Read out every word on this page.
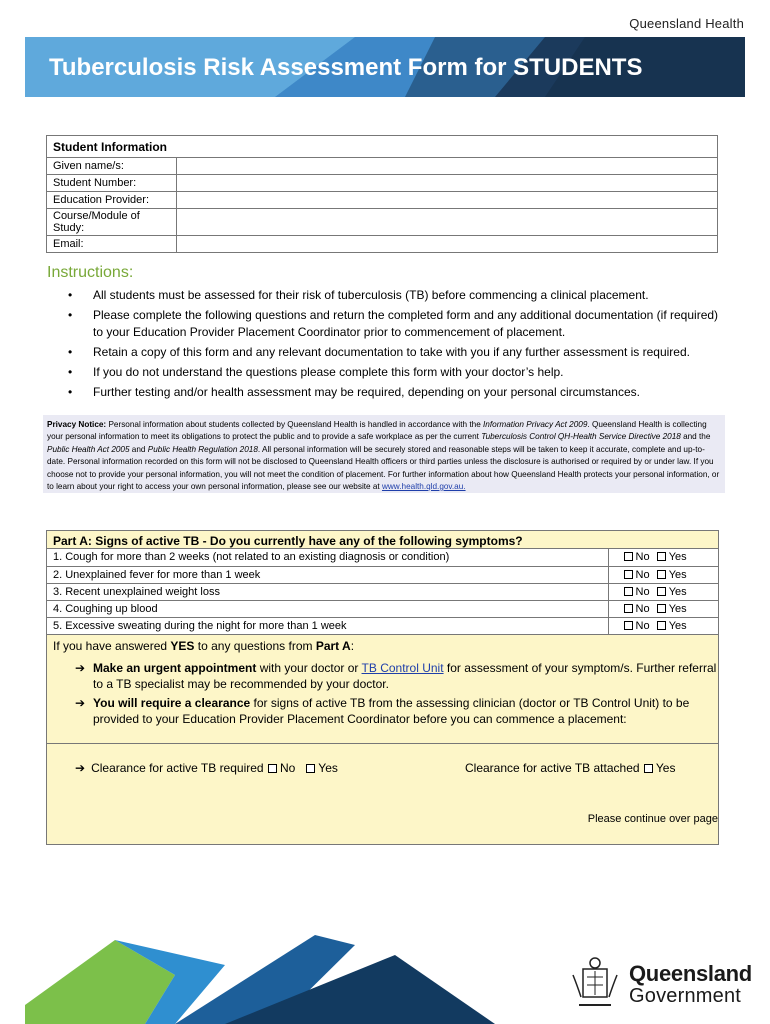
Queensland Health
Tuberculosis Risk Assessment Form for STUDENTS
Student Information	
Given name/s:	
Student Number:	
Education Provider:	
Course/Module of Study:	
Email:	
Instructions:
• All students must be assessed for their risk of tuberculosis (TB) before commencing a clinical placement.
• Please complete the following questions and return the completed form and any additional documentation (if required) to your Education Provider Placement Coordinator prior to commencement of placement.
• Retain a copy of this form and any relevant documentation to take with you if any further assessment is required.
• If you do not understand the questions please complete this form with your doctor’s help.
• Further testing and/or health assessment may be required, depending on your personal circumstances.
Privacy Notice: Personal information about students collected by Queensland Health is handled in accordance with the Information Privacy Act 2009. Queensland Health is collecting your personal information to meet its obligations to protect the public and to provide a safe workplace as per the current Tuberculosis Control QH-Health Service Directive 2018 and the Public Health Act 2005 and Public Health Regulation 2018. All personal information will be securely stored and reasonable steps will be taken to keep it accurate, complete and up-to-date. Personal information recorded on this form will not be disclosed to Queensland Health officers or third parties unless the disclosure is authorised or required by or under law. If you choose not to provide your personal information, you will not meet the condition of placement. For further information about how Queensland Health protects your personal information, or to learn about your right to access your own personal information, please see our website at www.health.qld.gov.au.
Part A: Signs of active TB - Do you currently have any of the following symptoms?
1. Cough for more than 2 weeks (not related to an existing diagnosis or condition)	No Yes
2. Unexplained fever for more than 1 week	No Yes
3. Recent unexplained weight loss	No Yes
4. Coughing up blood	No Yes
5. Excessive sweating during the night for more than 1 week	No Yes
If you have answered YES to any questions from Part A:
➔ Make an urgent appointment with your doctor or TB Control Unit for assessment of your symptom/s. Further referral to a TB specialist may be recommended by your doctor.
➔ You will require a clearance for signs of active TB from the assessing clinician (doctor or TB Control Unit) to be provided to your Education Provider Placement Coordinator before you can commence a placement:
➔ Clearance for active TB required No Yes	Clearance for active TB attached Yes
Please continue over page
Queensland
Government
